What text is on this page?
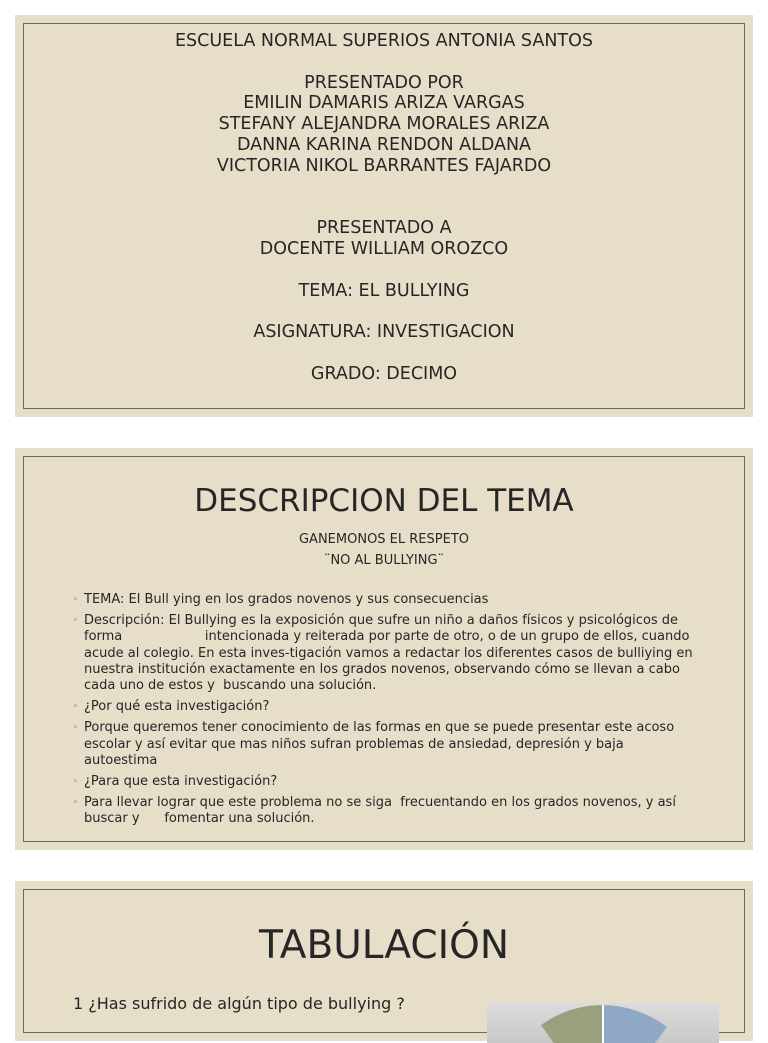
ESCUELA NORMAL SUPERIOS ANTONIA SANTOS
PRESENTADO POR
EMILIN DAMARIS ARIZA VARGAS
STEFANY ALEJANDRA MORALES ARIZA
DANNA KARINA RENDON ALDANA
VICTORIA NIKOL BARRANTES FAJARDO
PRESENTADO A
DOCENTE WILLIAM OROZCO
TEMA: EL BULLYING
ASIGNATURA: INVESTIGACION
GRADO: DECIMO
DESCRIPCION DEL TEMA
GANEMONOS EL RESPETO
¨NO AL BULLYING¨
◦ TEMA: El Bull ying en los grados novenos y sus consecuencias
◦ Descripción: El Bullying es la exposición que sufre un niño a daños físicos y psicológicos de forma                    intencionada y reiterada por parte de otro, o de un grupo de ellos, cuando acude al colegio. En esta inves-tigación vamos a redactar los diferentes casos de bulliying en nuestra institución exactamente en los grados novenos, observando cómo se llevan a cabo cada uno de estos y  buscando una solución.
◦ ¿Por qué esta investigación?
◦ Porque queremos tener conocimiento de las formas en que se puede presentar este acoso escolar y así evitar que mas niños sufran problemas de ansiedad, depresión y baja autoestima
◦ ¿Para que esta investigación?
◦ Para llevar lograr que este problema no se siga  frecuentando en los grados novenos, y así buscar y      fomentar una solución.
TABULACIÓN
1 ¿Has sufrido de algún tipo de bullying ?
